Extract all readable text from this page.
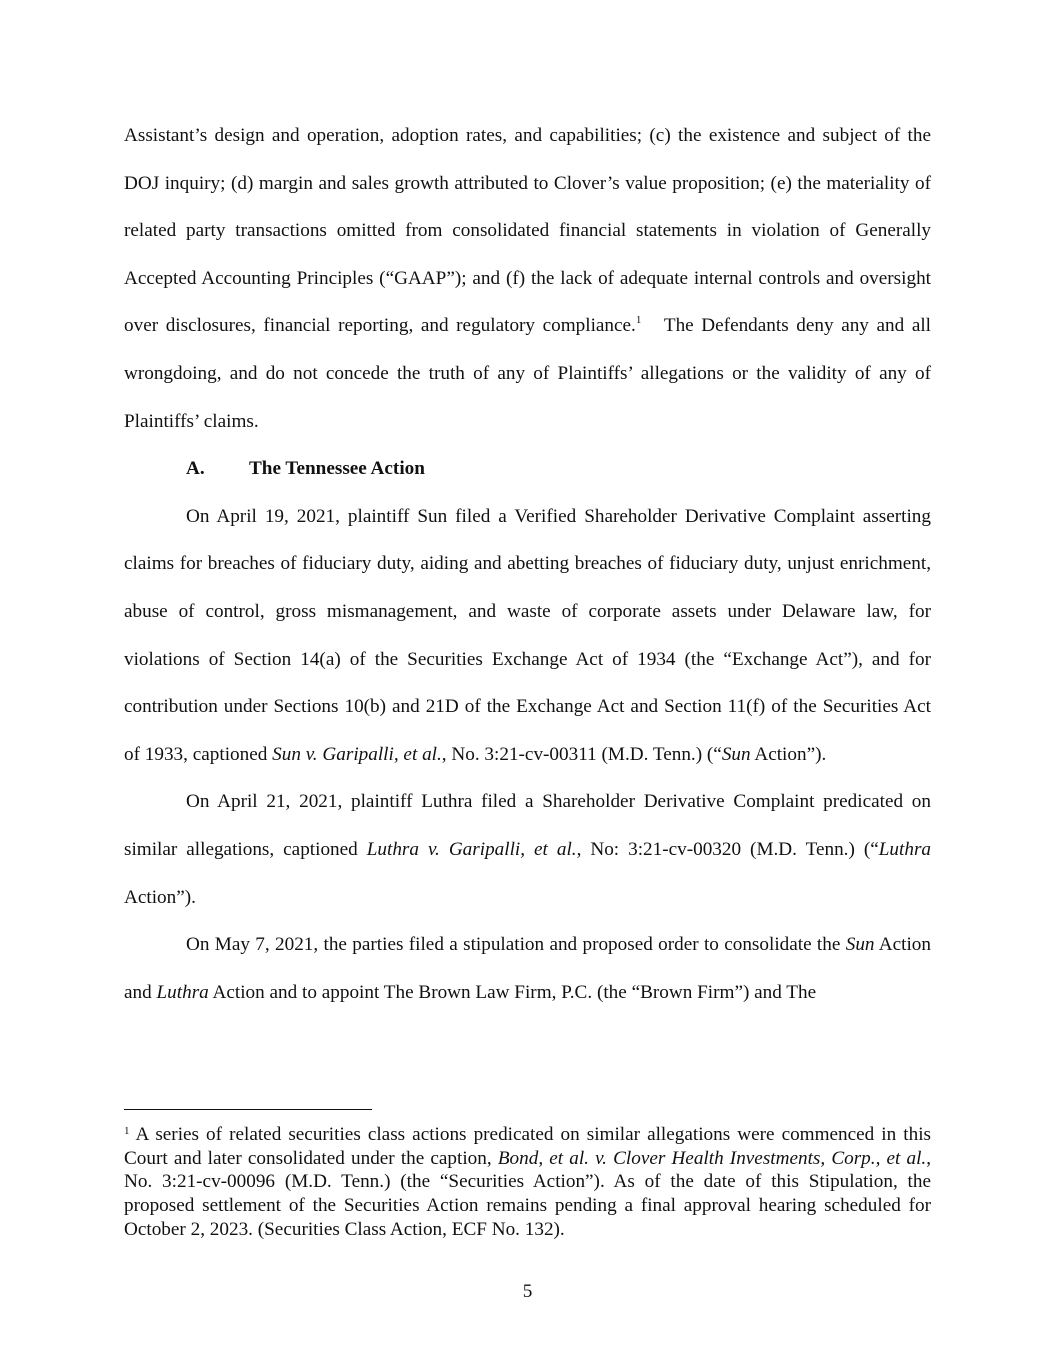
Assistant’s design and operation, adoption rates, and capabilities; (c) the existence and subject of the DOJ inquiry; (d) margin and sales growth attributed to Clover’s value proposition; (e) the materiality of related party transactions omitted from consolidated financial statements in violation of Generally Accepted Accounting Principles (“GAAP”); and (f) the lack of adequate internal controls and oversight over disclosures, financial reporting, and regulatory compliance.$^1$ The Defendants deny any and all wrongdoing, and do not concede the truth of any of Plaintiffs’ allegations or the validity of any of Plaintiffs’ claims.

A. The Tennessee Action

On April 19, 2021, plaintiff Sun filed a Verified Shareholder Derivative Complaint asserting claims for breaches of fiduciary duty, aiding and abetting breaches of fiduciary duty, unjust enrichment, abuse of control, gross mismanagement, and waste of corporate assets under Delaware law, for violations of Section 14(a) of the Securities Exchange Act of 1934 (the “Exchange Act”), and for contribution under Sections 10(b) and 21D of the Exchange Act and Section 11(f) of the Securities Act of 1933, captioned Sun v. Garipalli, et al., No. 3:21-cv-00311 (M.D. Tenn.) (“Sun Action”).

On April 21, 2021, plaintiff Luthra filed a Shareholder Derivative Complaint predicated on similar allegations, captioned Luthra v. Garipalli, et al., No: 3:21-cv-00320 (M.D. Tenn.) (“Luthra Action”).

On May 7, 2021, the parties filed a stipulation and proposed order to consolidate the Sun Action and Luthra Action and to appoint The Brown Law Firm, P.C. (the “Brown Firm”) and The

$^1$ A series of related securities class actions predicated on similar allegations were commenced in this Court and later consolidated under the caption, Bond, et al. v. Clover Health Investments, Corp., et al., No. 3:21-cv-00096 (M.D. Tenn.) (the “Securities Action”). As of the date of this Stipulation, the proposed settlement of the Securities Action remains pending a final approval hearing scheduled for October 2, 2023. (Securities Class Action, ECF No. 132).

5
